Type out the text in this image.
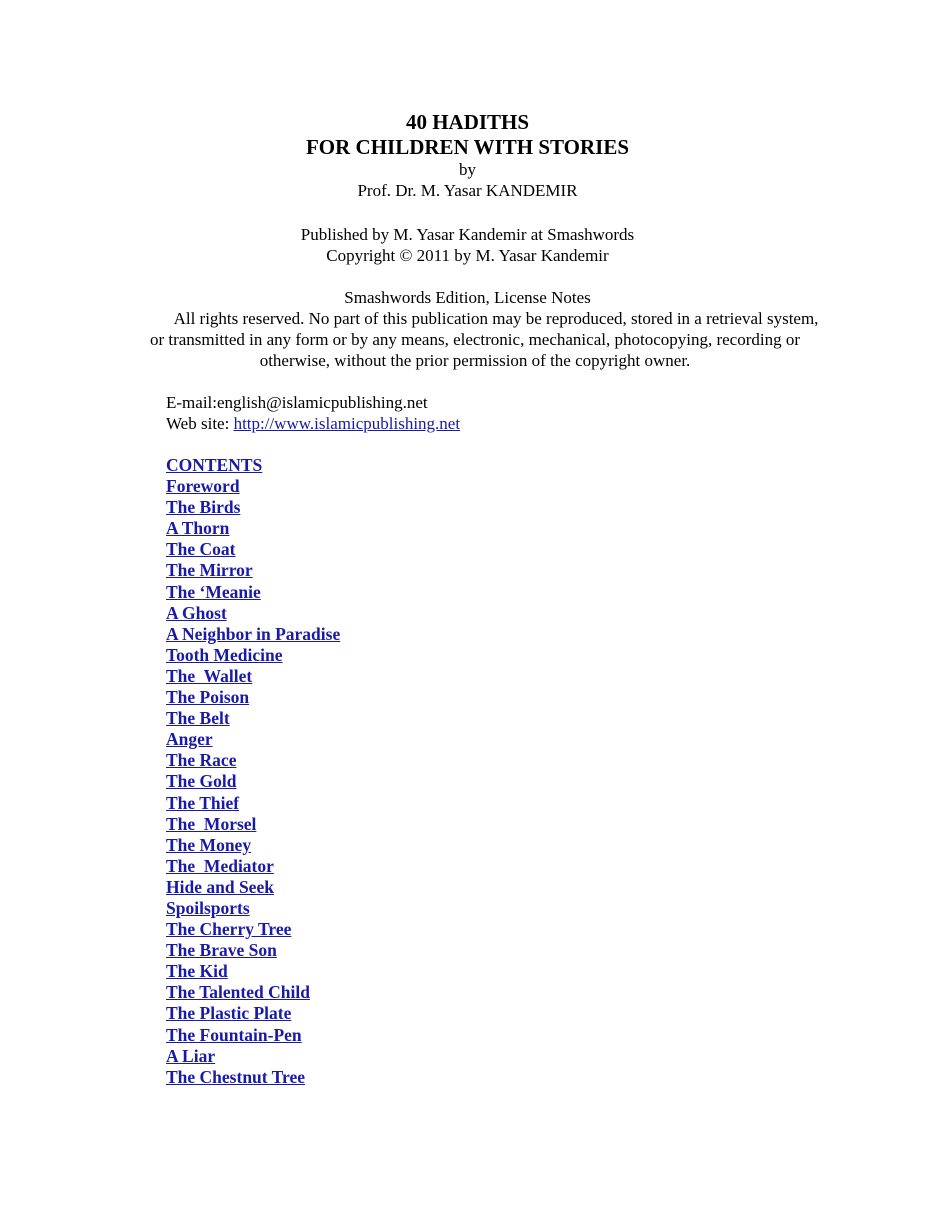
40 HADITHS

FOR CHILDREN WITH STORIES

by

Prof. Dr. M. Yasar KANDEMIR

Published by M. Yasar Kandemir at Smashwords

Copyright © 2011 by M. Yasar Kandemir

Smashwords Edition, License Notes

All rights reserved. No part of this publication may be reproduced, stored in a retrieval system, or transmitted in any form or by any means, electronic, mechanical, photocopying, recording or otherwise, without the prior permission of the copyright owner.

E-mail:english@islamicpublishing.net

Web site: http://www.islamicpublishing.net

CONTENTS
Foreword
The Birds
A Thorn
The Coat
The Mirror
The ‘Meanie
A Ghost
A Neighbor in Paradise
Tooth Medicine
The  Wallet
The Poison
The Belt
Anger
The Race
The Gold
The Thief
The  Morsel
The Money
The  Mediator
Hide and Seek
Spoilsports
The Cherry Tree
The Brave Son
The Kid
The Talented Child
The Plastic Plate
The Fountain-Pen
A Liar
The Chestnut Tree
